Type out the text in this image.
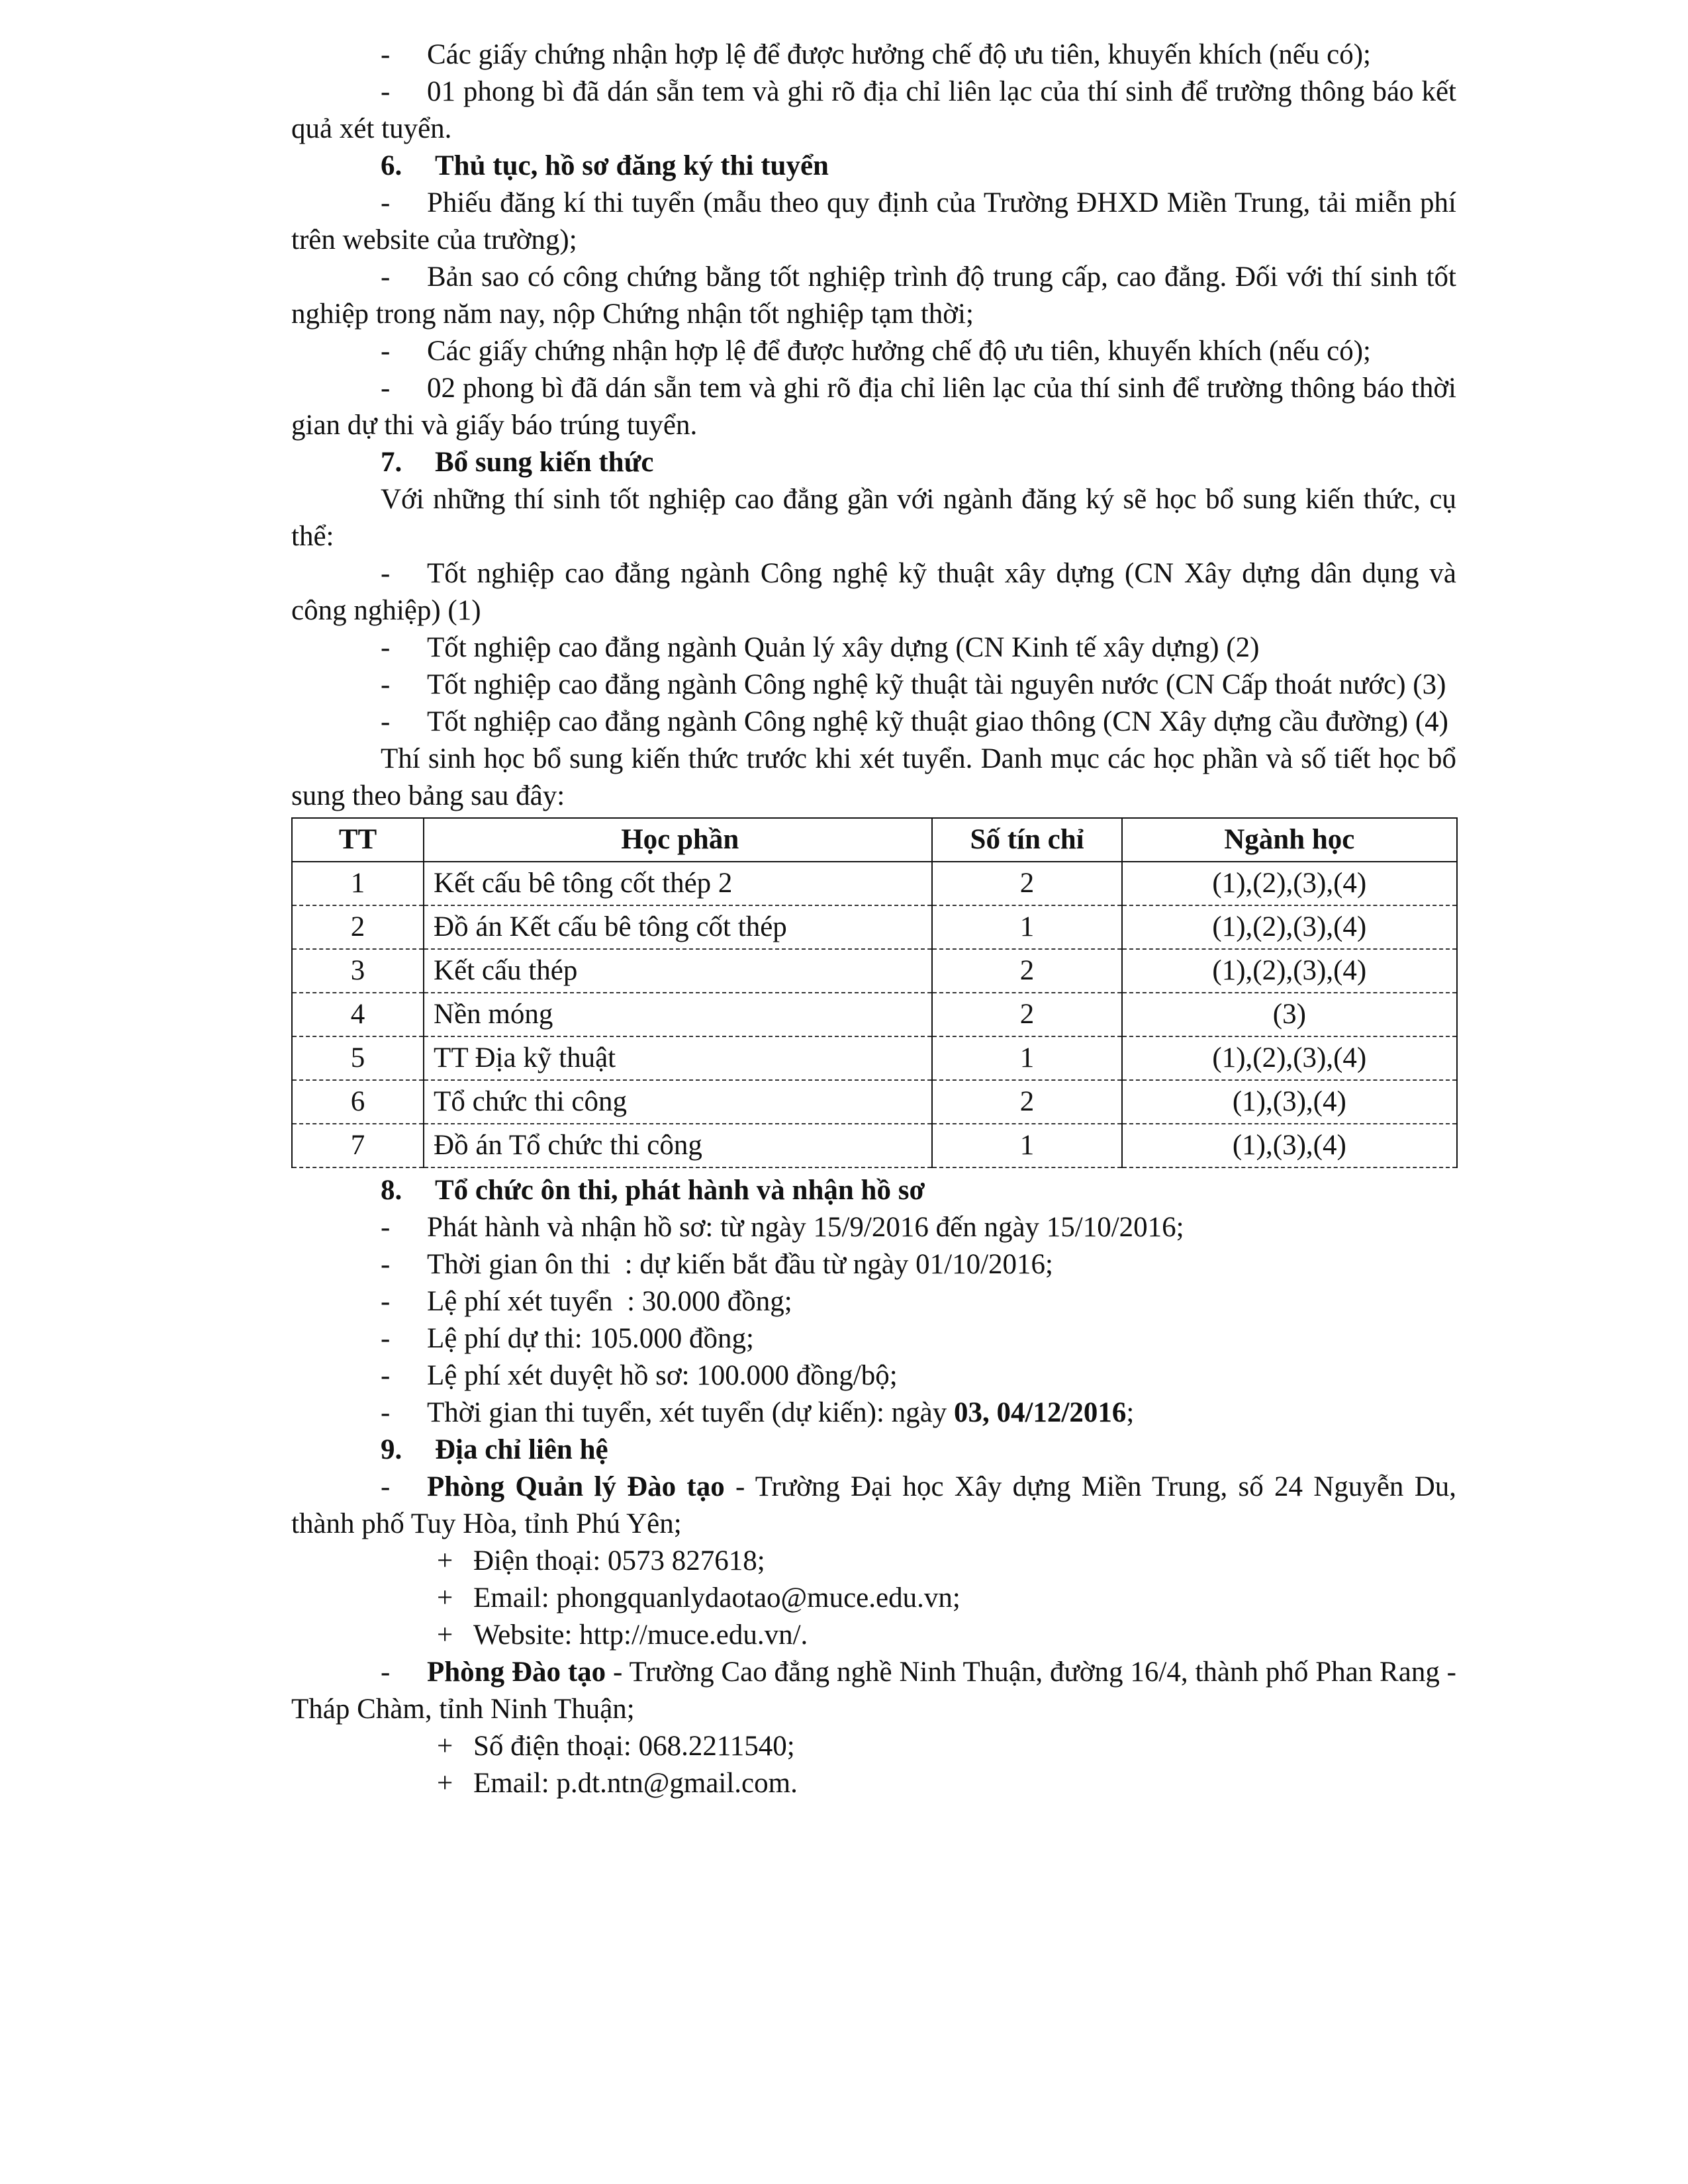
- Các giấy chứng nhận hợp lệ để được hưởng chế độ ưu tiên, khuyến khích (nếu có);

- 01 phong bì đã dán sẵn tem và ghi rõ địa chỉ liên lạc của thí sinh để trường thông báo kết quả xét tuyển.

6. Thủ tục, hồ sơ đăng ký thi tuyển

- Phiếu đăng kí thi tuyển (mẫu theo quy định của Trường ĐHXD Miền Trung, tải miễn phí trên website của trường);

- Bản sao có công chứng bằng tốt nghiệp trình độ trung cấp, cao đẳng. Đối với thí sinh tốt nghiệp trong năm nay, nộp Chứng nhận tốt nghiệp tạm thời;

- Các giấy chứng nhận hợp lệ để được hưởng chế độ ưu tiên, khuyến khích (nếu có);

- 02 phong bì đã dán sẵn tem và ghi rõ địa chỉ liên lạc của thí sinh để trường thông báo thời gian dự thi và giấy báo trúng tuyển.

7. Bổ sung kiến thức

Với những thí sinh tốt nghiệp cao đẳng gần với ngành đăng ký sẽ học bổ sung kiến thức, cụ thể:

- Tốt nghiệp cao đẳng ngành Công nghệ kỹ thuật xây dựng (CN Xây dựng dân dụng và công nghiệp) (1)

- Tốt nghiệp cao đẳng ngành Quản lý xây dựng (CN Kinh tế xây dựng) (2)

- Tốt nghiệp cao đẳng ngành Công nghệ kỹ thuật tài nguyên nước (CN Cấp thoát nước) (3)

- Tốt nghiệp cao đẳng ngành Công nghệ kỹ thuật giao thông (CN Xây dựng cầu đường) (4)

Thí sinh học bổ sung kiến thức trước khi xét tuyển. Danh mục các học phần và số tiết học bổ sung theo bảng sau đây:

TT	Học phần	Số tín chỉ	Ngành học
1	Kết cấu bê tông cốt thép 2	2	(1),(2),(3),(4)
2	Đồ án Kết cấu bê tông cốt thép	1	(1),(2),(3),(4)
3	Kết cấu thép	2	(1),(2),(3),(4)
4	Nền móng	2	(3)
5	TT Địa kỹ thuật	1	(1),(2),(3),(4)
6	Tổ chức thi công	2	(1),(3),(4)
7	Đồ án Tổ chức thi công	1	(1),(3),(4)

8. Tổ chức ôn thi, phát hành và nhận hồ sơ

- Phát hành và nhận hồ sơ: từ ngày 15/9/2016 đến ngày 15/10/2016;

- Thời gian ôn thi  : dự kiến bắt đầu từ ngày 01/10/2016;

- Lệ phí xét tuyển  : 30.000 đồng;

- Lệ phí dự thi: 105.000 đồng;

- Lệ phí xét duyệt hồ sơ: 100.000 đồng/bộ;

- Thời gian thi tuyển, xét tuyển (dự kiến): ngày 03, 04/12/2016;

9. Địa chỉ liên hệ

- Phòng Quản lý Đào tạo - Trường Đại học Xây dựng Miền Trung, số 24 Nguyễn Du, thành phố Tuy Hòa, tỉnh Phú Yên;

+ Điện thoại: 0573 827618;

+ Email: phongquanlydaotao@muce.edu.vn;

+ Website: http://muce.edu.vn/.

- Phòng Đào tạo - Trường Cao đẳng nghề Ninh Thuận, đường 16/4, thành phố Phan Rang - Tháp Chàm, tỉnh Ninh Thuận;

+ Số điện thoại: 068.2211540;

+ Email: p.dt.ntn@gmail.com.
